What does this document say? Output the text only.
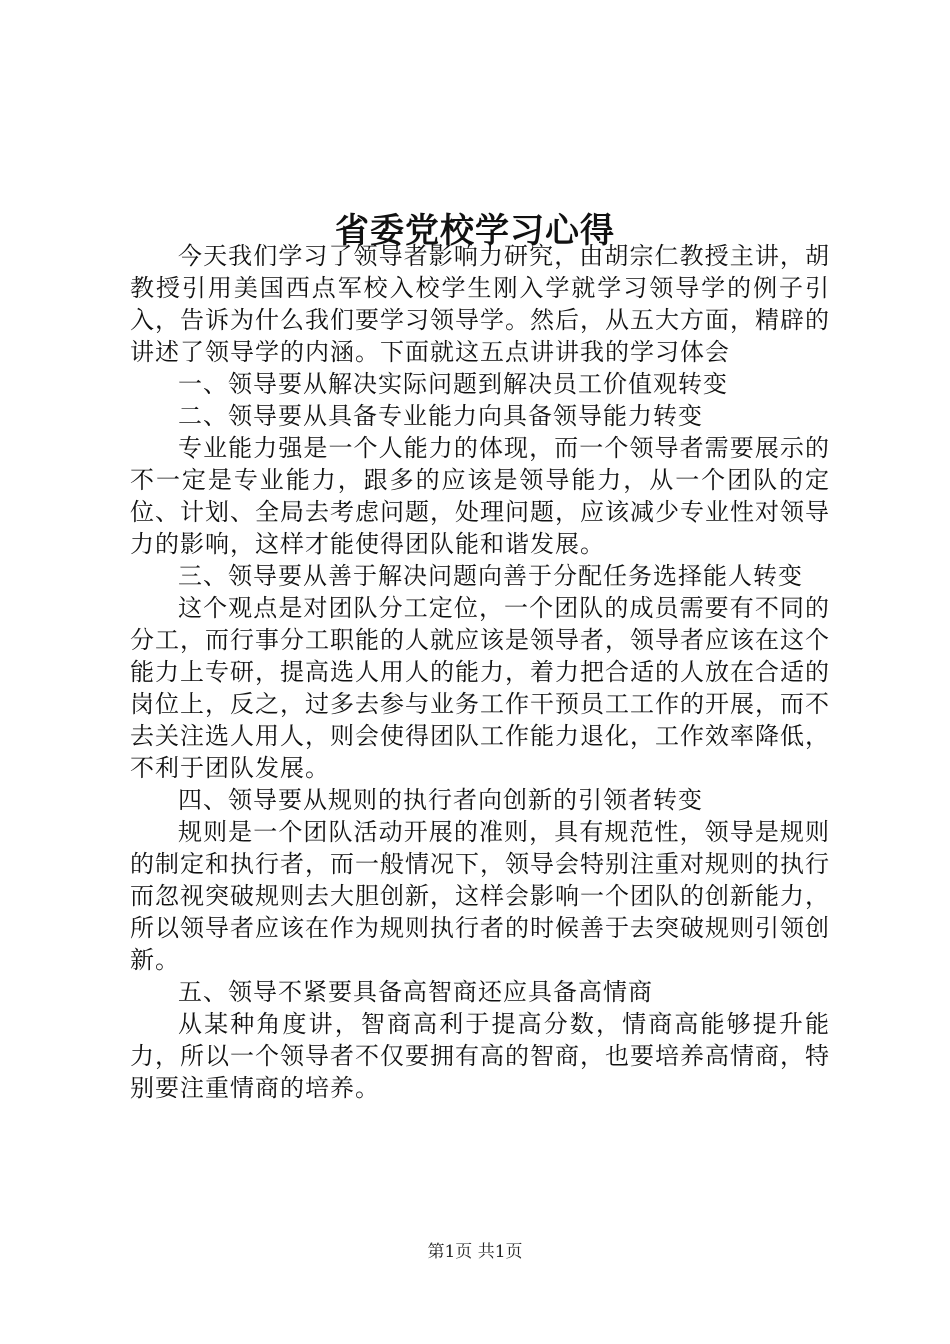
省委党校学习心得

今天我们学习了领导者影响力研究，由胡宗仁教授主讲，胡教授引用美国西点军校入校学生刚入学就学习领导学的例子引入，告诉为什么我们要学习领导学。然后，从五大方面，精辟的讲述了领导学的内涵。下面就这五点讲讲我的学习体会

一、领导要从解决实际问题到解决员工价值观转变

二、领导要从具备专业能力向具备领导能力转变

专业能力强是一个人能力的体现，而一个领导者需要展示的不一定是专业能力，跟多的应该是领导能力，从一个团队的定位、计划、全局去考虑问题，处理问题，应该减少专业性对领导力的影响，这样才能使得团队能和谐发展。

三、领导要从善于解决问题向善于分配任务选择能人转变

这个观点是对团队分工定位，一个团队的成员需要有不同的分工，而行事分工职能的人就应该是领导者，领导者应该在这个能力上专研，提高选人用人的能力，着力把合适的人放在合适的岗位上，反之，过多去参与业务工作干预员工工作的开展，而不去关注选人用人，则会使得团队工作能力退化，工作效率降低，不利于团队发展。

四、领导要从规则的执行者向创新的引领者转变

规则是一个团队活动开展的准则，具有规范性，领导是规则的制定和执行者，而一般情况下，领导会特别注重对规则的执行而忽视突破规则去大胆创新，这样会影响一个团队的创新能力，所以领导者应该在作为规则执行者的时候善于去突破规则引领创新。

五、领导不紧要具备高智商还应具备高情商

从某种角度讲，智商高利于提高分数，情商高能够提升能力，所以一个领导者不仅要拥有高的智商，也要培养高情商，特别要注重情商的培养。

第1页 共1页
